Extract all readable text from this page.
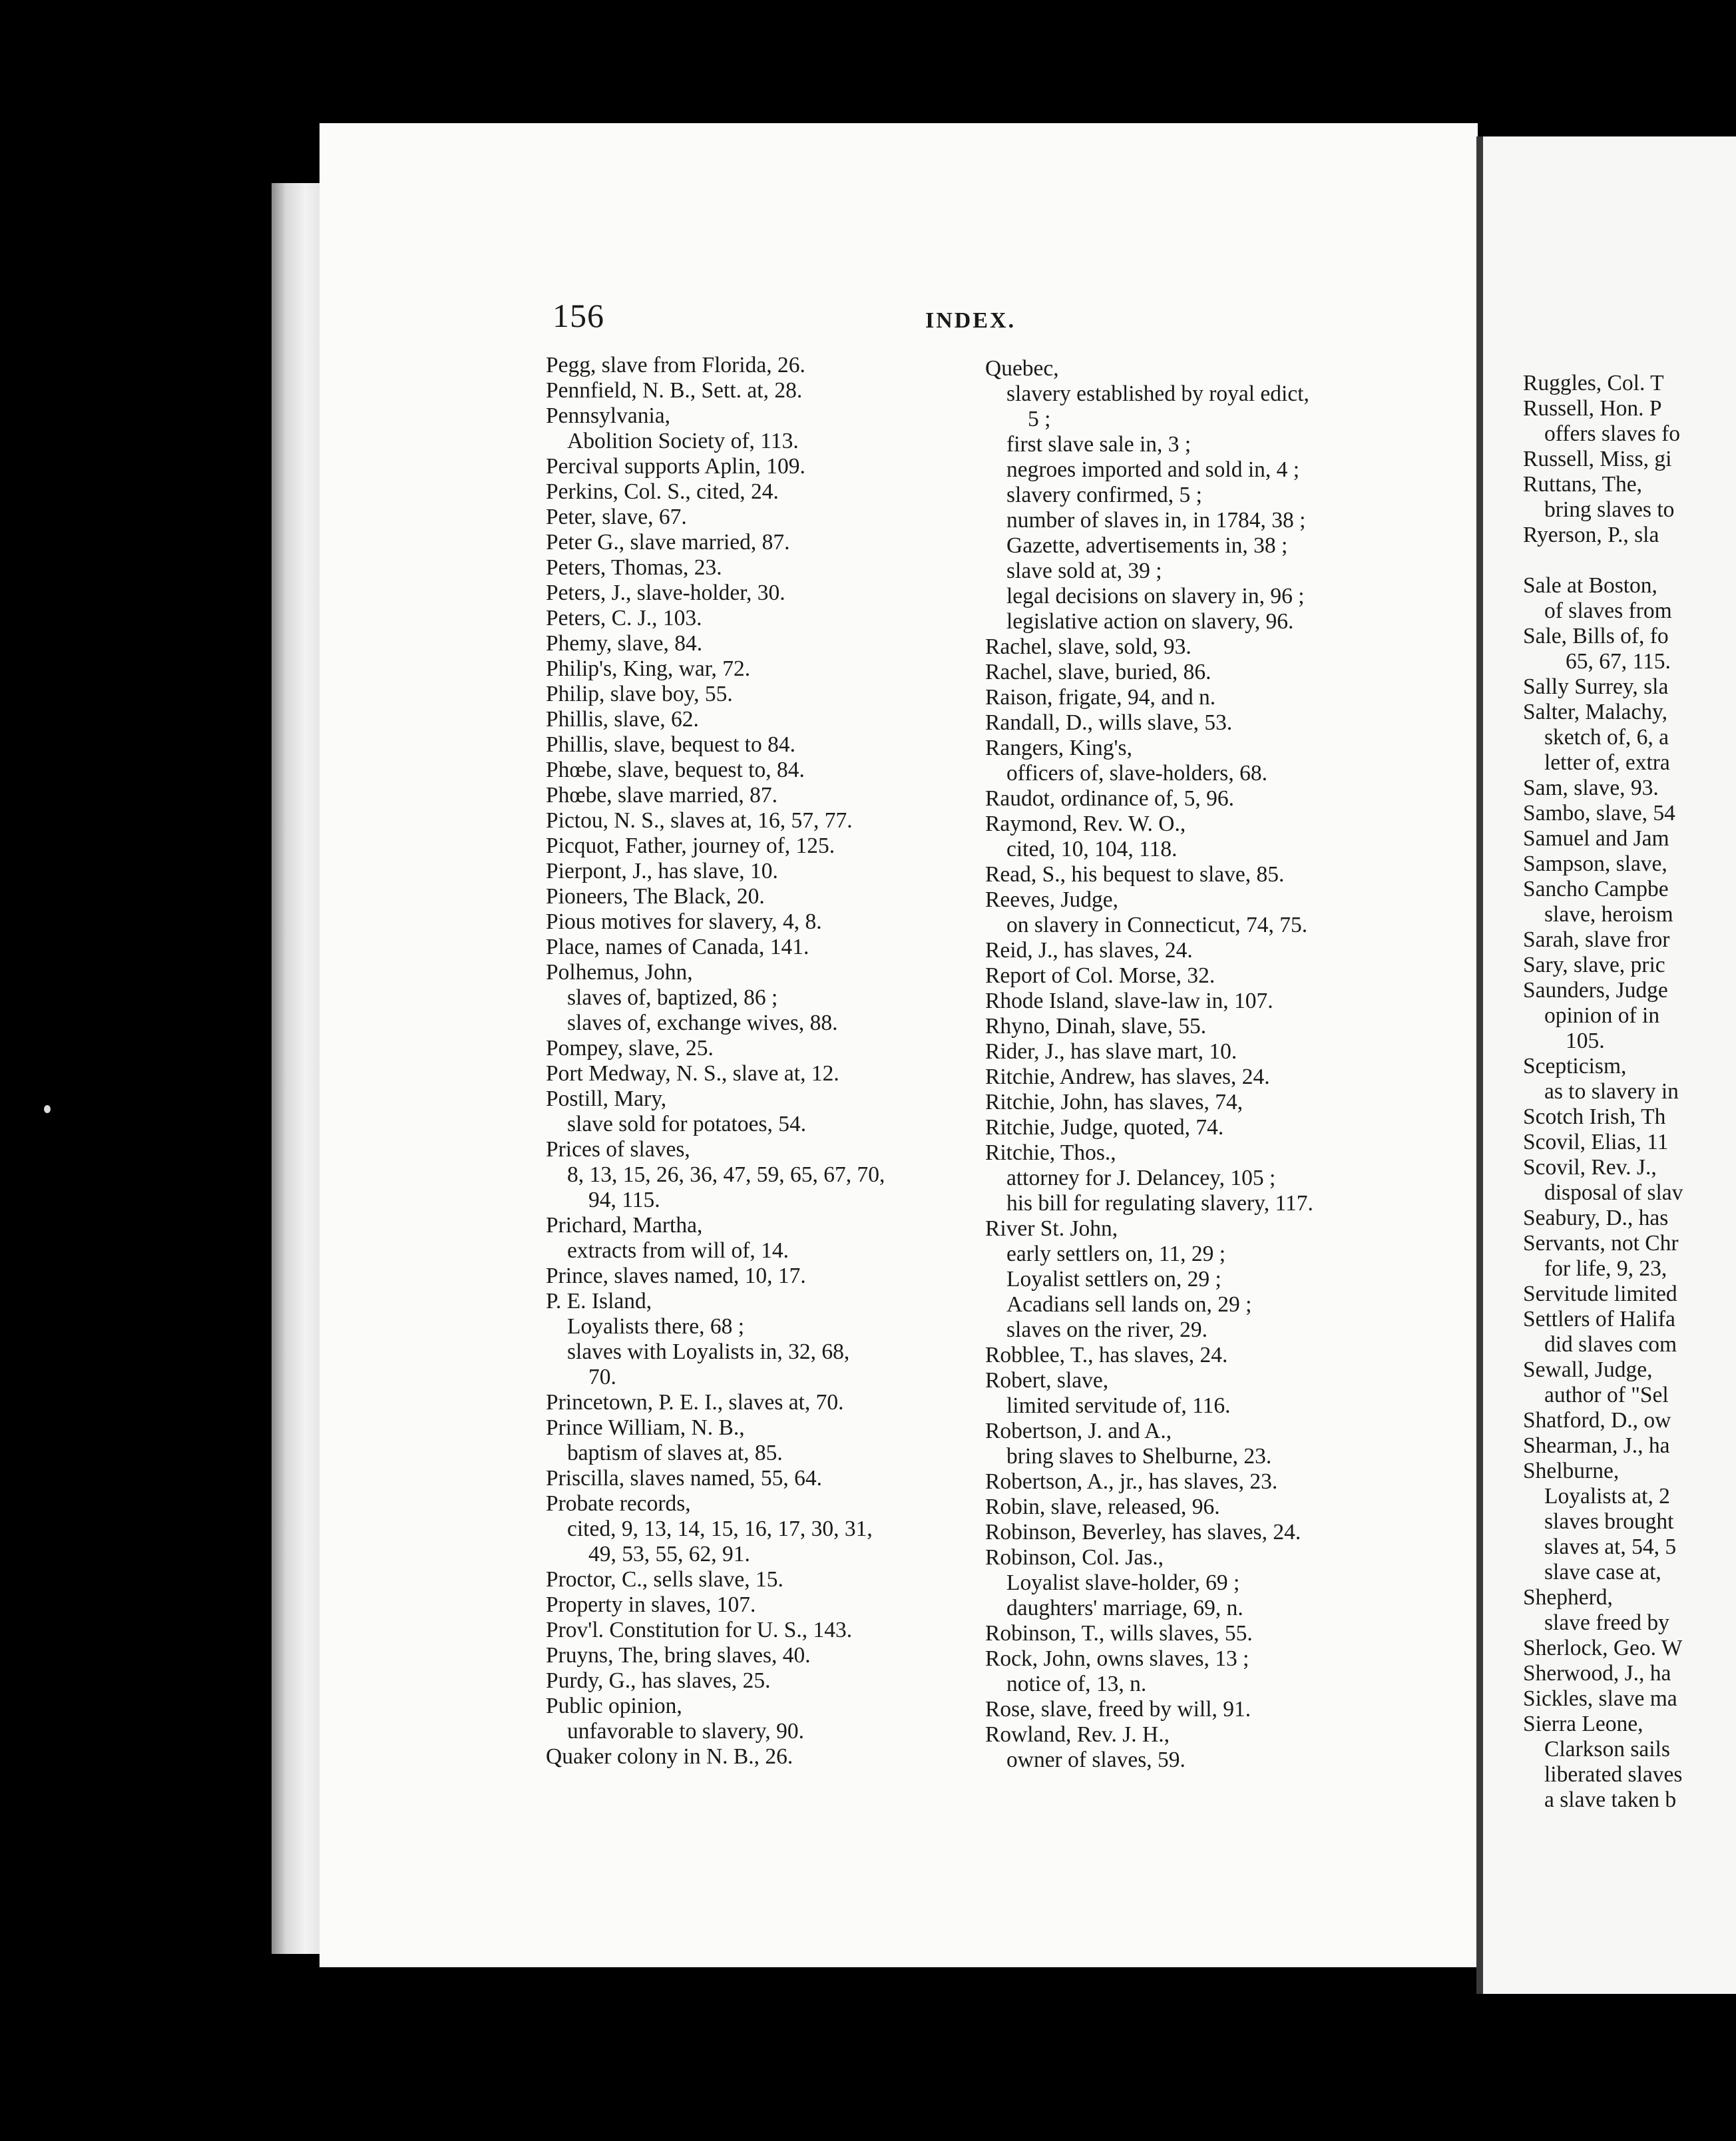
156	INDEX.
Pegg, slave from Florida, 26.
Pennfield, N. B., Sett. at, 28.
Pennsylvania,
Abolition Society of, 113.
Percival supports Aplin, 109.
Perkins, Col. S., cited, 24.
Peter, slave, 67.
Peter G., slave married, 87.
Peters, Thomas, 23.
Peters, J., slave-holder, 30.
Peters, C. J., 103.
Phemy, slave, 84.
Philip's, King, war, 72.
Philip, slave boy, 55.
Phillis, slave, 62.
Phillis, slave, bequest to 84.
Phœbe, slave, bequest to, 84.
Phœbe, slave married, 87.
Pictou, N. S., slaves at, 16, 57, 77.
Picquot, Father, journey of, 125.
Pierpont, J., has slave, 10.
Pioneers, The Black, 20.
Pious motives for slavery, 4, 8.
Place, names of Canada, 141.
Polhemus, John,
slaves of, baptized, 86 ;
slaves of, exchange wives, 88.
Pompey, slave, 25.
Port Medway, N. S., slave at, 12.
Postill, Mary,
slave sold for potatoes, 54.
Prices of slaves,
8, 13, 15, 26, 36, 47, 59, 65, 67, 70,
94, 115.
Prichard, Martha,
extracts from will of, 14.
Prince, slaves named, 10, 17.
P. E. Island,
Loyalists there, 68 ;
slaves with Loyalists in, 32, 68,
70.
Princetown, P. E. I., slaves at, 70.
Prince William, N. B.,
baptism of slaves at, 85.
Priscilla, slaves named, 55, 64.
Probate records,
cited, 9, 13, 14, 15, 16, 17, 30, 31,
49, 53, 55, 62, 91.
Proctor, C., sells slave, 15.
Property in slaves, 107.
Prov'l. Constitution for U. S., 143.
Pruyns, The, bring slaves, 40.
Purdy, G., has slaves, 25.
Public opinion,
unfavorable to slavery, 90.
Quaker colony in N. B., 26.
Quebec,
slavery established by royal edict,
5 ;
first slave sale in, 3 ;
negroes imported and sold in, 4 ;
slavery confirmed, 5 ;
number of slaves in, in 1784, 38 ;
Gazette, advertisements in, 38 ;
slave sold at, 39 ;
legal decisions on slavery in, 96 ;
legislative action on slavery, 96.
Rachel, slave, sold, 93.
Rachel, slave, buried, 86.
Raison, frigate, 94, and n.
Randall, D., wills slave, 53.
Rangers, King's,
officers of, slave-holders, 68.
Raudot, ordinance of, 5, 96.
Raymond, Rev. W. O.,
cited, 10, 104, 118.
Read, S., his bequest to slave, 85.
Reeves, Judge,
on slavery in Connecticut, 74, 75.
Reid, J., has slaves, 24.
Report of Col. Morse, 32.
Rhode Island, slave-law in, 107.
Rhyno, Dinah, slave, 55.
Rider, J., has slave mart, 10.
Ritchie, Andrew, has slaves, 24.
Ritchie, John, has slaves, 74,
Ritchie, Judge, quoted, 74.
Ritchie, Thos.,
attorney for J. Delancey, 105 ;
his bill for regulating slavery, 117.
River St. John,
early settlers on, 11, 29 ;
Loyalist settlers on, 29 ;
Acadians sell lands on, 29 ;
slaves on the river, 29.
Robblee, T., has slaves, 24.
Robert, slave,
limited servitude of, 116.
Robertson, J. and A.,
bring slaves to Shelburne, 23.
Robertson, A., jr., has slaves, 23.
Robin, slave, released, 96.
Robinson, Beverley, has slaves, 24.
Robinson, Col. Jas.,
Loyalist slave-holder, 69 ;
daughters' marriage, 69, n.
Robinson, T., wills slaves, 55.
Rock, John, owns slaves, 13 ;
notice of, 13, n.
Rose, slave, freed by will, 91.
Rowland, Rev. J. H.,
owner of slaves, 59.
Ruggles, Col. T
Russell, Hon. P
offers slaves fo
Russell, Miss, gi
Ruttans, The,
bring slaves to
Ryerson, P., sla
Sale at Boston,
of slaves from
Sale, Bills of, fo
65, 67, 115.
Sally Surrey, sla
Salter, Malachy,
sketch of, 6, a
letter of, extra
Sam, slave, 93.
Sambo, slave, 54
Samuel and Jam
Sampson, slave,
Sancho Campbe
slave, heroism
Sarah, slave fror
Sary, slave, pric
Saunders, Judge
opinion of in
105.
Scepticism,
as to slavery in
Scotch Irish, Th
Scovil, Elias, 11
Scovil, Rev. J.,
disposal of slav
Seabury, D., has
Servants, not Chr
for life, 9, 23,
Servitude limited
Settlers of Halifa
did slaves com
Sewall, Judge,
author of "Sel
Shatford, D., ow
Shearman, J., ha
Shelburne,
Loyalists at, 2
slaves brought
slaves at, 54, 5
slave case at,
Shepherd,
slave freed by
Sherlock, Geo. W
Sherwood, J., ha
Sickles, slave ma
Sierra Leone,
Clarkson sails
liberated slaves
a slave taken b
